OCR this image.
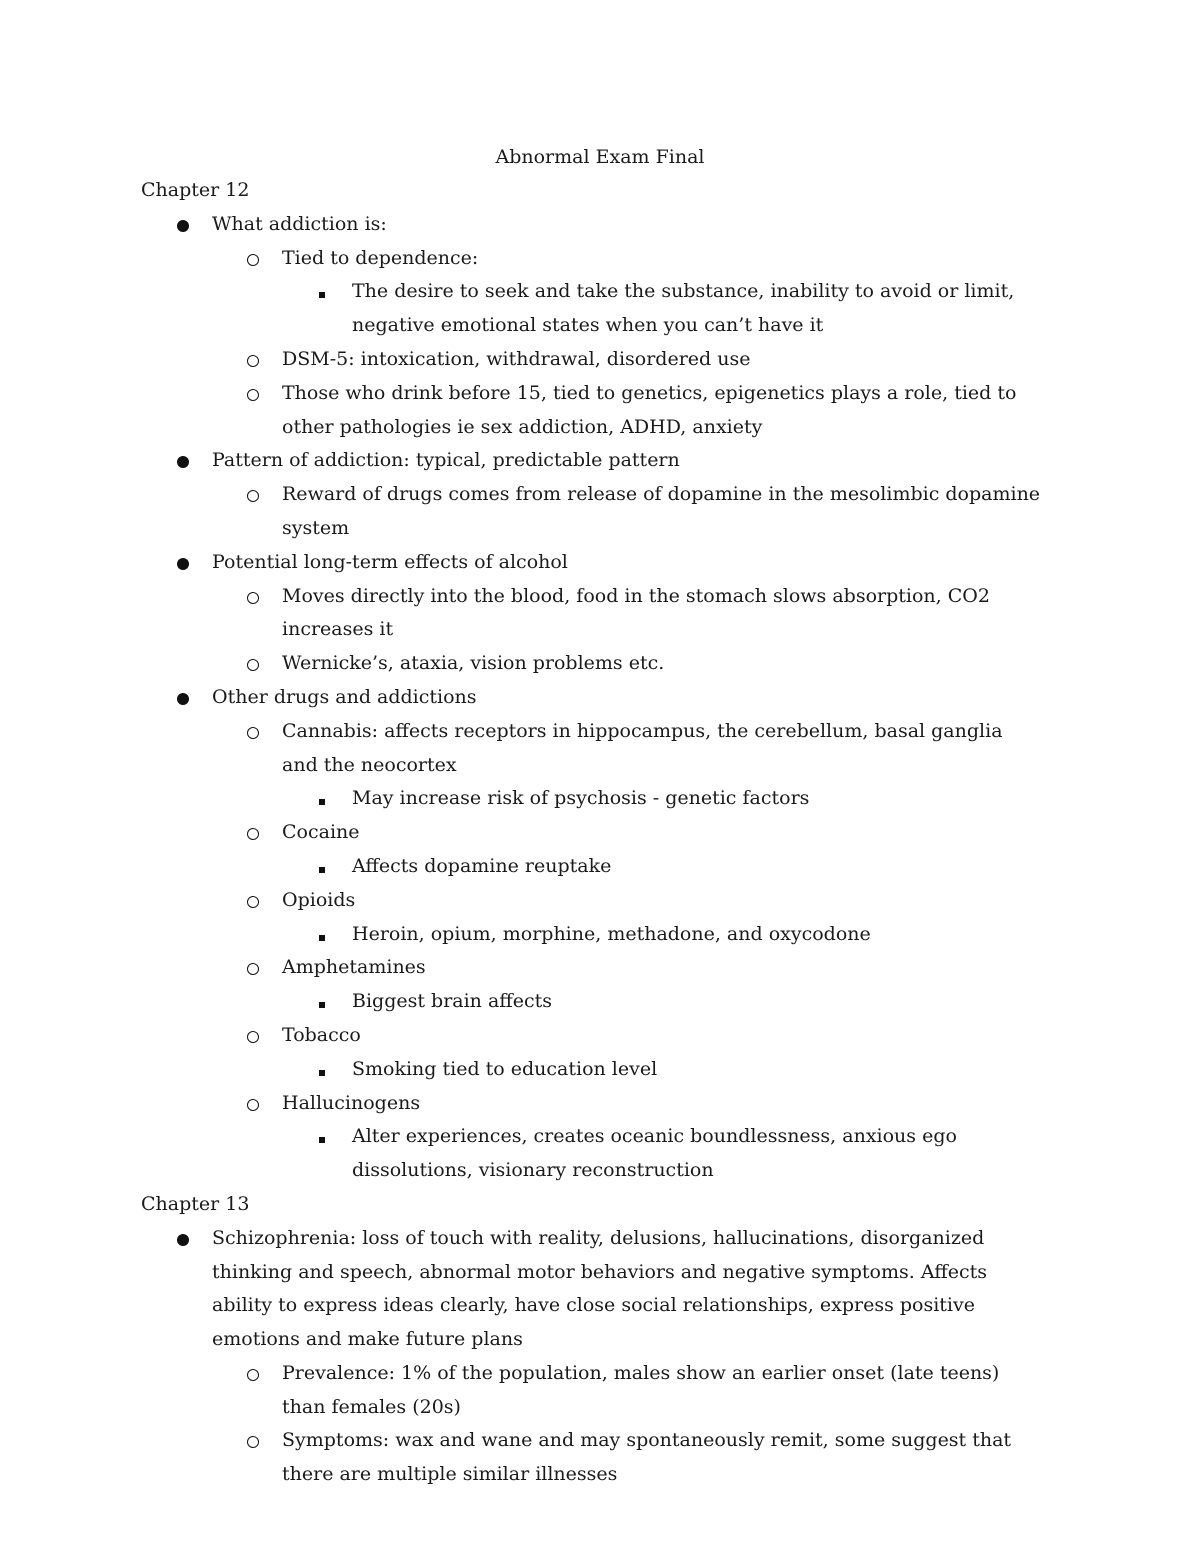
Abnormal Exam Final
Chapter 12
What addiction is:
Tied to dependence:
The desire to seek and take the substance, inability to avoid or limit, negative emotional states when you can’t have it
DSM-5: intoxication, withdrawal, disordered use
Those who drink before 15, tied to genetics, epigenetics plays a role, tied to other pathologies ie sex addiction, ADHD, anxiety
Pattern of addiction: typical, predictable pattern
Reward of drugs comes from release of dopamine in the mesolimbic dopamine system
Potential long-term effects of alcohol
Moves directly into the blood, food in the stomach slows absorption, CO2 increases it
Wernicke’s, ataxia, vision problems etc.
Other drugs and addictions
Cannabis: affects receptors in hippocampus, the cerebellum, basal ganglia and the neocortex
May increase risk of psychosis - genetic factors
Cocaine
Affects dopamine reuptake
Opioids
Heroin, opium, morphine, methadone, and oxycodone
Amphetamines
Biggest brain affects
Tobacco
Smoking tied to education level
Hallucinogens
Alter experiences, creates oceanic boundlessness, anxious ego dissolutions, visionary reconstruction
Chapter 13
Schizophrenia: loss of touch with reality, delusions, hallucinations, disorganized thinking and speech, abnormal motor behaviors and negative symptoms. Affects ability to express ideas clearly, have close social relationships, express positive emotions and make future plans
Prevalence: 1% of the population, males show an earlier onset (late teens) than females (20s)
Symptoms: wax and wane and may spontaneously remit, some suggest that there are multiple similar illnesses
